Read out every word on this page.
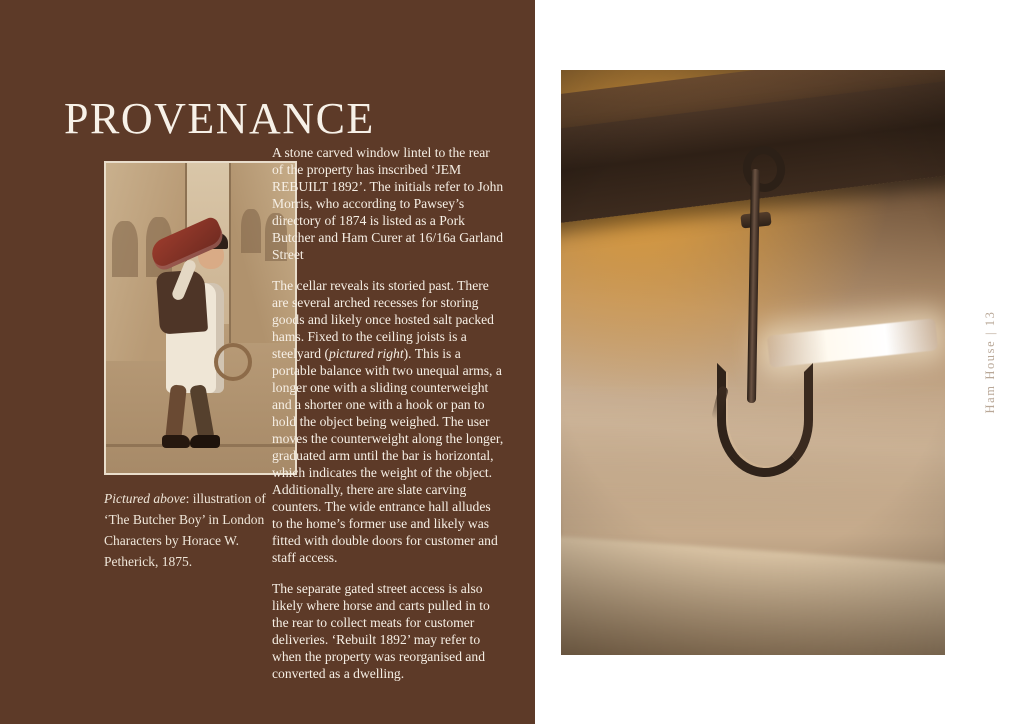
PROVENANCE
Pictured above: illustration of ‘The Butcher Boy’ in London Characters by Horace W. Petherick, 1875.

A stone carved window lintel to the rear of the property has inscribed ‘JEM REBUILT 1892’. The initials refer to John Morris, who according to Pawsey’s directory of 1874 is listed as a Pork Butcher and Ham Curer at 16/16a Garland Street

The cellar reveals its storied past. There are several arched recesses for storing goods and likely once hosted salt packed hams. Fixed to the ceiling joists is a steelyard (pictured right). This is a portable balance with two unequal arms, a longer one with a sliding counterweight and a shorter one with a hook or pan to hold the object being weighed. The user moves the counterweight along the longer, graduated arm until the bar is horizontal, which indicates the weight of the object. Additionally, there are slate carving counters. The wide entrance hall alludes to the home’s former use and likely was fitted with double doors for customer and staff access.

The separate gated street access is also likely where horse and carts pulled in to the rear to collect meats for customer deliveries. ‘Rebuilt 1892’ may refer to when the property was reorganised and converted as a dwelling.

Ham House | 13
